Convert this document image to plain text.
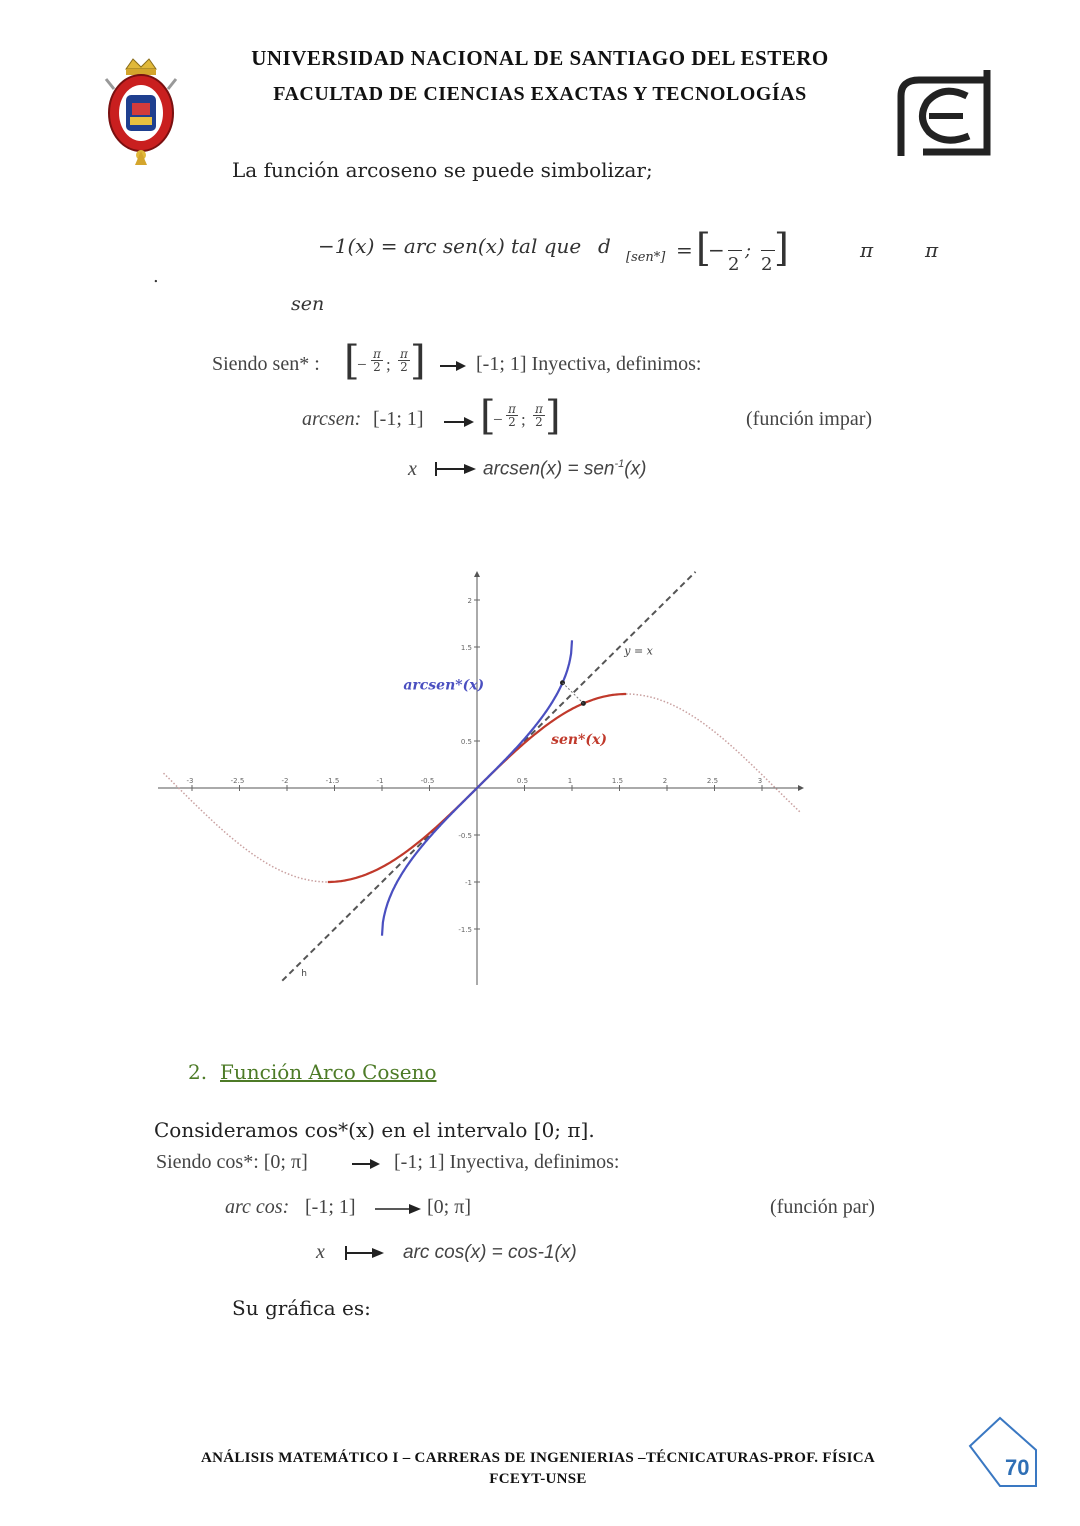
UNIVERSIDAD NACIONAL DE SANTIAGO DEL ESTERO
FACULTAD DE CIENCIAS EXACTAS Y TECNOLOGÍAS
La función arcoseno se puede simbolizar;
−1(x) = arc sen(x) tal que d [sen*] = [
−
2
;
2 ]	π	π
.
sen
Siendo sen* : [
− $\frac{\pi}{2}$ ; $\frac{\pi}{2}$ ]	[-1; 1] Inyectiva, definimos:
arcsen: [-1; 1] [
− $\frac{\pi}{2}$ ; $\frac{\pi}{2}$ ]	(función impar)
x	arcsen(x) = sen$^{-1}$(x)
-3	-2.5	-2	-1.5	-1	-0.5	0.5	1	1.5	2	2.5	3
2
1.5
0.5
-0.5
-1
-1.5
arcsen*(x)
sen*(x)
y = x
h
2. Función Arco Coseno
Consideramos cos*(x) en el intervalo [0; π].
Siendo cos*: [0; π]	[-1; 1] Inyectiva, definimos:
arc cos: [-1; 1]	[0; π]	(función par)
x	arc cos(x) = cos-1(x)
Su gráfica es:
ANÁLISIS MATEMÁTICO I – CARRERAS DE INGENIERIAS –TÉCNICATURAS-PROF. FÍSICA
FCEYT-UNSE	70
